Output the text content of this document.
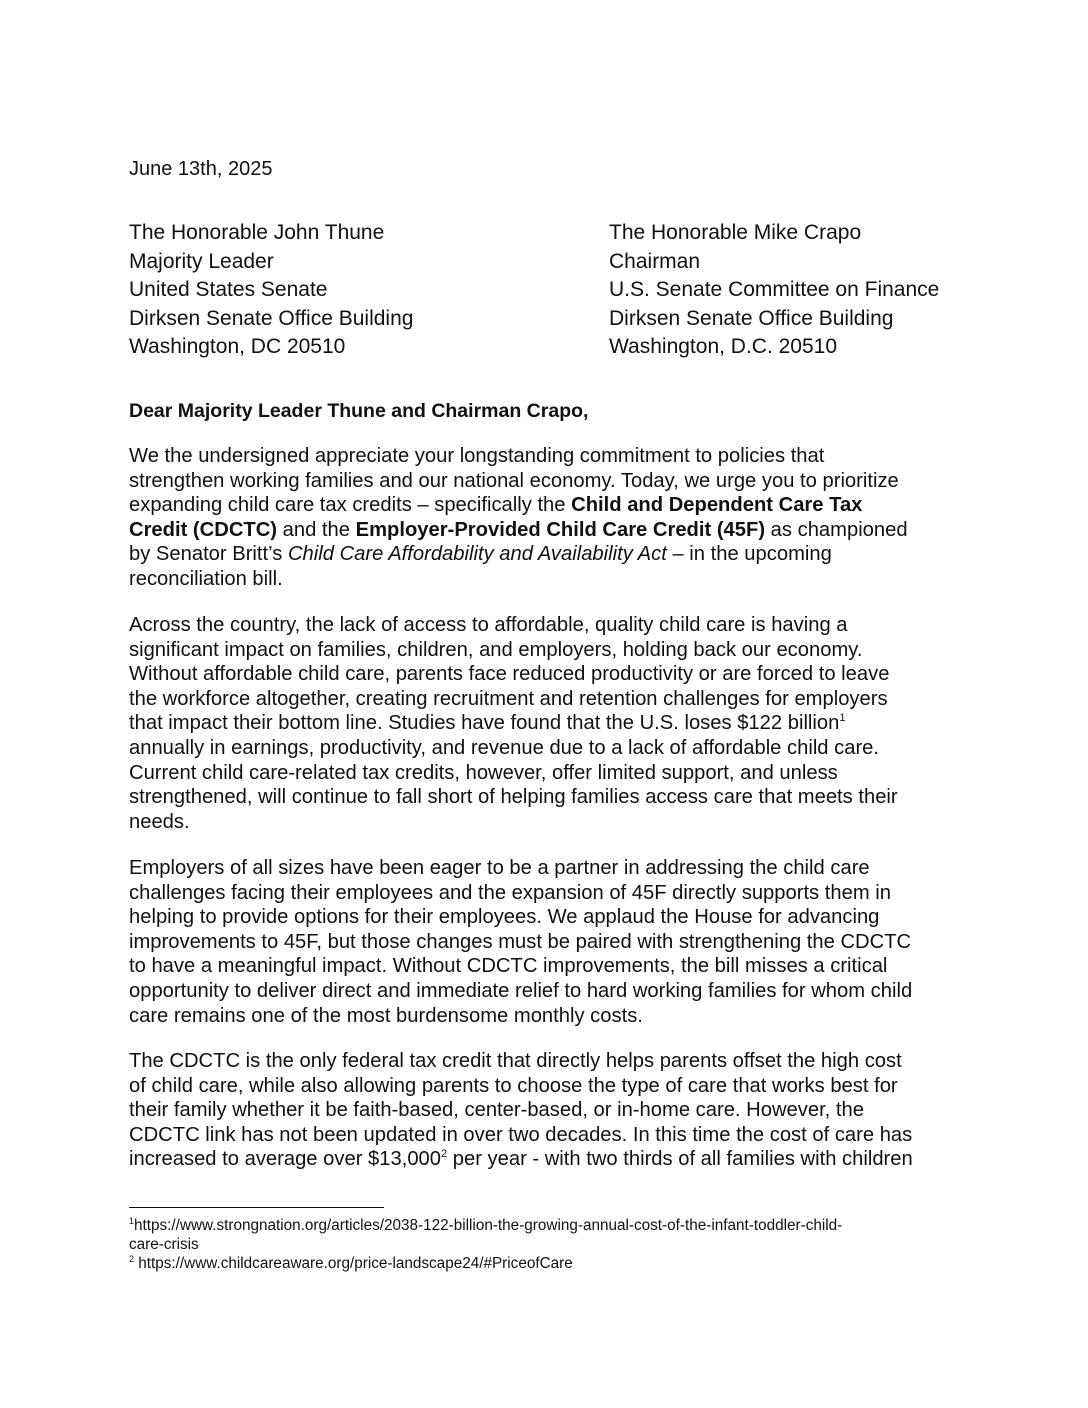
June 13th, 2025
The Honorable John Thune
Majority Leader
United States Senate
Dirksen Senate Office Building
Washington, DC 20510
The Honorable Mike Crapo
Chairman
U.S. Senate Committee on Finance
Dirksen Senate Office Building
Washington, D.C. 20510
Dear Majority Leader Thune and Chairman Crapo,
We the undersigned appreciate your longstanding commitment to policies that
strengthen working families and our national economy. Today, we urge you to prioritize
expanding child care tax credits – specifically the Child and Dependent Care Tax
Credit (CDCTC) and the Employer-Provided Child Care Credit (45F) as championed
by Senator Britt’s Child Care Affordability and Availability Act – in the upcoming
reconciliation bill.
Across the country, the lack of access to affordable, quality child care is having a
significant impact on families, children, and employers, holding back our economy.
Without affordable child care, parents face reduced productivity or are forced to leave
the workforce altogether, creating recruitment and retention challenges for employers
that impact their bottom line. Studies have found that the U.S. loses $122 billion$^1$
annually in earnings, productivity, and revenue due to a lack of affordable child care.
Current child care-related tax credits, however, offer limited support, and unless
strengthened, will continue to fall short of helping families access care that meets their
needs.
Employers of all sizes have been eager to be a partner in addressing the child care
challenges facing their employees and the expansion of 45F directly supports them in
helping to provide options for their employees. We applaud the House for advancing
improvements to 45F, but those changes must be paired with strengthening the CDCTC
to have a meaningful impact. Without CDCTC improvements, the bill misses a critical
opportunity to deliver direct and immediate relief to hard working families for whom child
care remains one of the most burdensome monthly costs.
The CDCTC is the only federal tax credit that directly helps parents offset the high cost
of child care, while also allowing parents to choose the type of care that works best for
their family whether it be faith-based, center-based, or in-home care. However, the
CDCTC link has not been updated in over two decades. In this time the cost of care has
increased to average over $13,000$^2$ per year - with two thirds of all families with children
$^1$https://www.strongnation.org/articles/2038-122-billion-the-growing-annual-cost-of-the-infant-toddler-child-
care-crisis
$^2$ https://www.childcareaware.org/price-landscape24/#PriceofCare
